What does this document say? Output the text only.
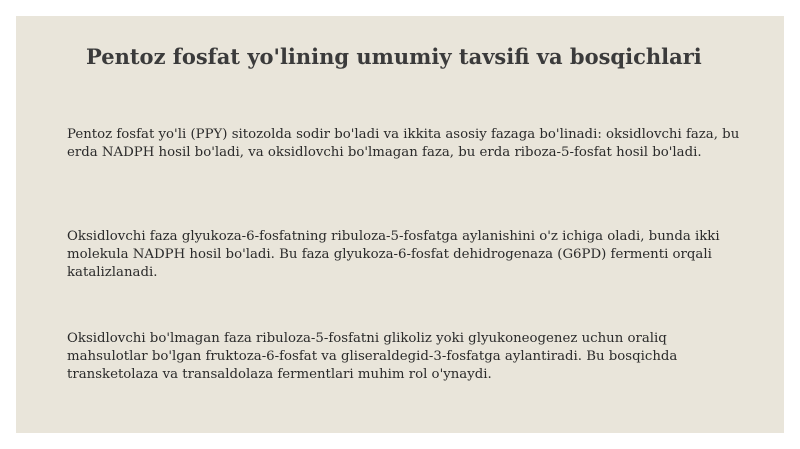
Pentoz fosfat yo'lining umumiy tavsifi va bosqichlari

Pentoz fosfat yo'li (PPY) sitozolda sodir bo'ladi va ikkita asosiy fazaga bo'linadi: oksidlovchi faza, bu erda NADPH hosil bo'ladi, va oksidlovchi bo'lmagan faza, bu erda riboza-5-fosfat hosil bo'ladi.

Oksidlovchi faza glyukoza-6-fosfatning ribuloza-5-fosfatga aylanishini o'z ichiga oladi, bunda ikki molekula NADPH hosil bo'ladi. Bu faza glyukoza-6-fosfat dehidrogenaza (G6PD) fermenti orqali katalizlanadi.

Oksidlovchi bo'lmagan faza ribuloza-5-fosfatni glikoliz yoki glyukoneogenez uchun oraliq mahsulotlar bo'lgan fruktoza-6-fosfat va gliseraldegid-3-fosfatga aylantiradi. Bu bosqichda transketolaza va transaldolaza fermentlari muhim rol o'ynaydi.
